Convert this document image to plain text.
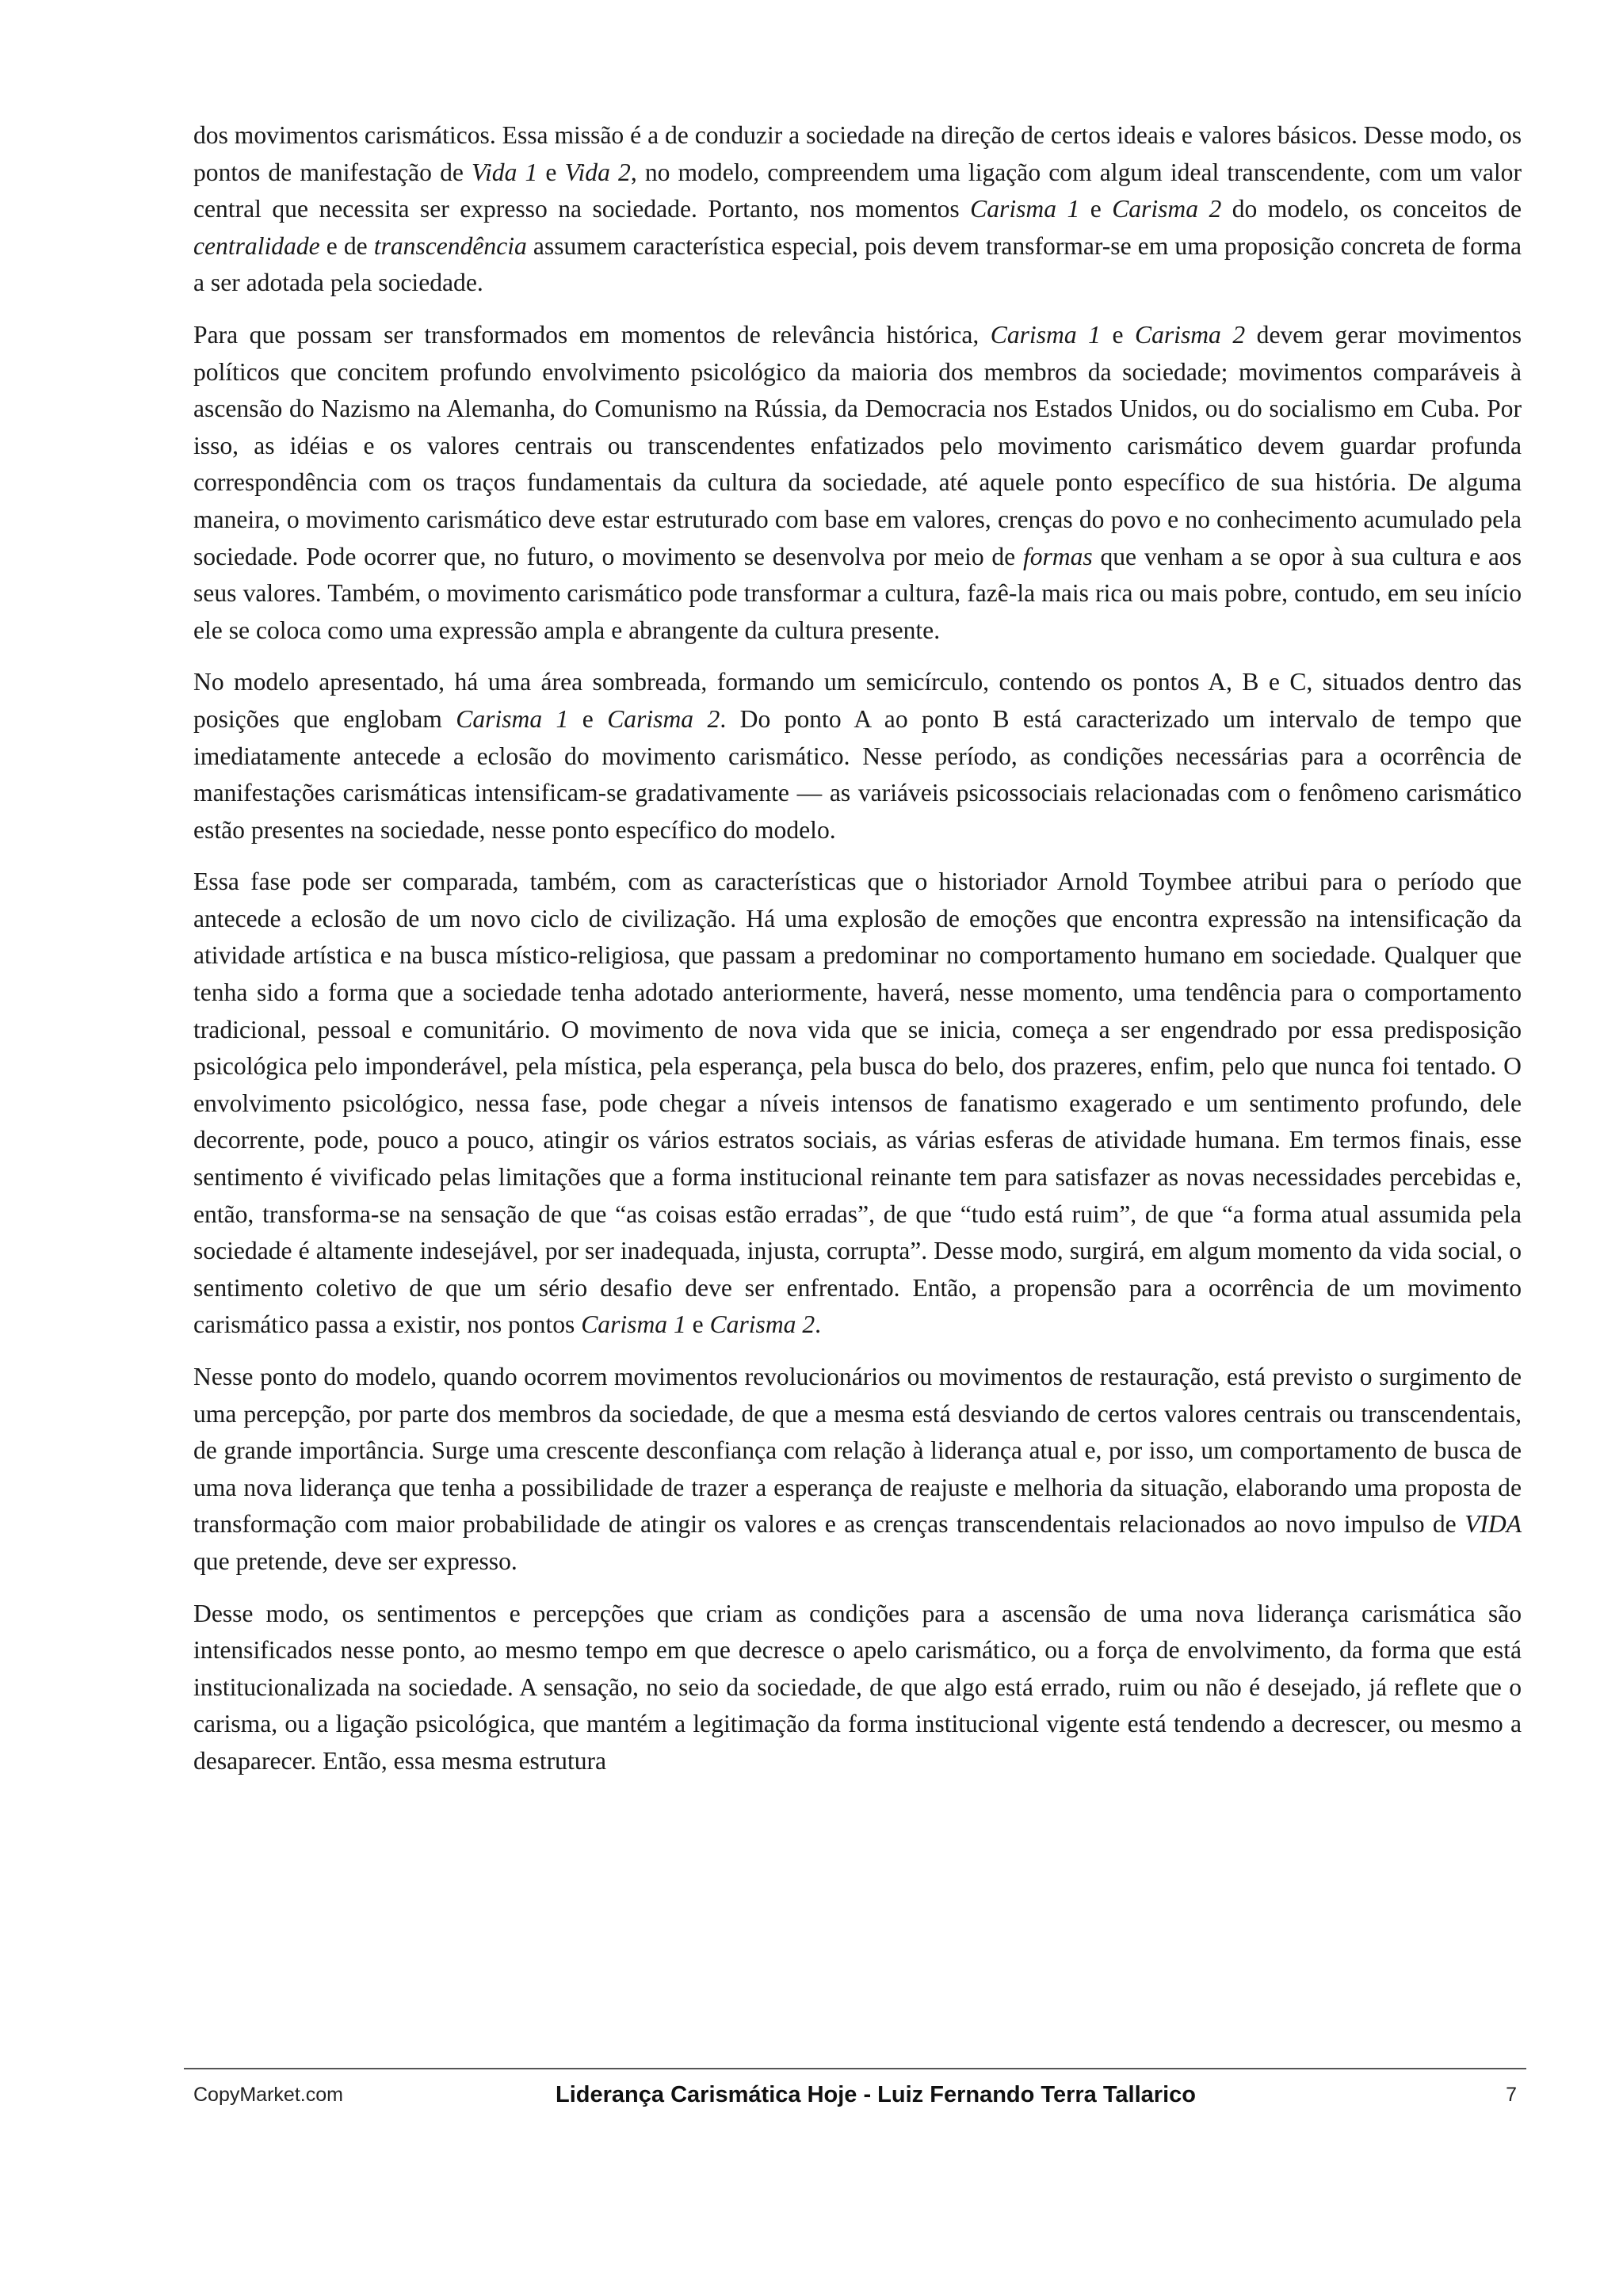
dos movimentos carismáticos. Essa missão é a de conduzir a sociedade na direção de certos ideais e valores básicos. Desse modo, os pontos de manifestação de Vida 1 e Vida 2, no modelo, compreendem uma ligação com algum ideal transcendente, com um valor central que necessita ser expresso na sociedade. Portanto, nos momentos Carisma 1 e Carisma 2 do modelo, os conceitos de centralidade e de transcendência assumem característica especial, pois devem transformar-se em uma proposição concreta de forma a ser adotada pela sociedade.

Para que possam ser transformados em momentos de relevância histórica, Carisma 1 e Carisma 2 devem gerar movimentos políticos que concitem profundo envolvimento psicológico da maioria dos membros da sociedade; movimentos comparáveis à ascensão do Nazismo na Alemanha, do Comunismo na Rússia, da Democracia nos Estados Unidos, ou do socialismo em Cuba. Por isso, as idéias e os valores centrais ou transcendentes enfatizados pelo movimento carismático devem guardar profunda correspondência com os traços fundamentais da cultura da sociedade, até aquele ponto específico de sua história. De alguma maneira, o movimento carismático deve estar estruturado com base em valores, crenças do povo e no conhecimento acumulado pela sociedade. Pode ocorrer que, no futuro, o movimento se desenvolva por meio de formas que venham a se opor à sua cultura e aos seus valores. Também, o movimento carismático pode transformar a cultura, fazê-la mais rica ou mais pobre, contudo, em seu início ele se coloca como uma expressão ampla e abrangente da cultura presente.

No modelo apresentado, há uma área sombreada, formando um semicírculo, contendo os pontos A, B e C, situados dentro das posições que englobam Carisma 1 e Carisma 2. Do ponto A ao ponto B está caracterizado um intervalo de tempo que imediatamente antecede a eclosão do movimento carismático. Nesse período, as condições necessárias para a ocorrência de manifestações carismáticas intensificam-se gradativamente — as variáveis psicossociais relacionadas com o fenômeno carismático estão presentes na sociedade, nesse ponto específico do modelo.

Essa fase pode ser comparada, também, com as características que o historiador Arnold Toymbee atribui para o período que antecede a eclosão de um novo ciclo de civilização. Há uma explosão de emoções que encontra expressão na intensificação da atividade artística e na busca místico-religiosa, que passam a predominar no comportamento humano em sociedade. Qualquer que tenha sido a forma que a sociedade tenha adotado anteriormente, haverá, nesse momento, uma tendência para o comportamento tradicional, pessoal e comunitário. O movimento de nova vida que se inicia, começa a ser engendrado por essa predisposição psicológica pelo imponderável, pela mística, pela esperança, pela busca do belo, dos prazeres, enfim, pelo que nunca foi tentado. O envolvimento psicológico, nessa fase, pode chegar a níveis intensos de fanatismo exagerado e um sentimento profundo, dele decorrente, pode, pouco a pouco, atingir os vários estratos sociais, as várias esferas de atividade humana. Em termos finais, esse sentimento é vivificado pelas limitações que a forma institucional reinante tem para satisfazer as novas necessidades percebidas e, então, transforma-se na sensação de que “as coisas estão erradas”, de que “tudo está ruim”, de que “a forma atual assumida pela sociedade é altamente indesejável, por ser inadequada, injusta, corrupta”. Desse modo, surgirá, em algum momento da vida social, o sentimento coletivo de que um sério desafio deve ser enfrentado. Então, a propensão para a ocorrência de um movimento carismático passa a existir, nos pontos Carisma 1 e Carisma 2.

Nesse ponto do modelo, quando ocorrem movimentos revolucionários ou movimentos de restauração, está previsto o surgimento de uma percepção, por parte dos membros da sociedade, de que a mesma está desviando de certos valores centrais ou transcendentais, de grande importância. Surge uma crescente desconfiança com relação à liderança atual e, por isso, um comportamento de busca de uma nova liderança que tenha a possibilidade de trazer a esperança de reajuste e melhoria da situação, elaborando uma proposta de transformação com maior probabilidade de atingir os valores e as crenças transcendentais relacionados ao novo impulso de VIDA que pretende, deve ser expresso.

Desse modo, os sentimentos e percepções que criam as condições para a ascensão de uma nova liderança carismática são intensificados nesse ponto, ao mesmo tempo em que decresce o apelo carismático, ou a força de envolvimento, da forma que está institucionalizada na sociedade. A sensação, no seio da sociedade, de que algo está errado, ruim ou não é desejado, já reflete que o carisma, ou a ligação psicológica, que mantém a legitimação da forma institucional vigente está tendendo a decrescer, ou mesmo a desaparecer. Então, essa mesma estrutura

CopyMarket.com	Liderança Carismática Hoje - Luiz Fernando Terra Tallarico	7
